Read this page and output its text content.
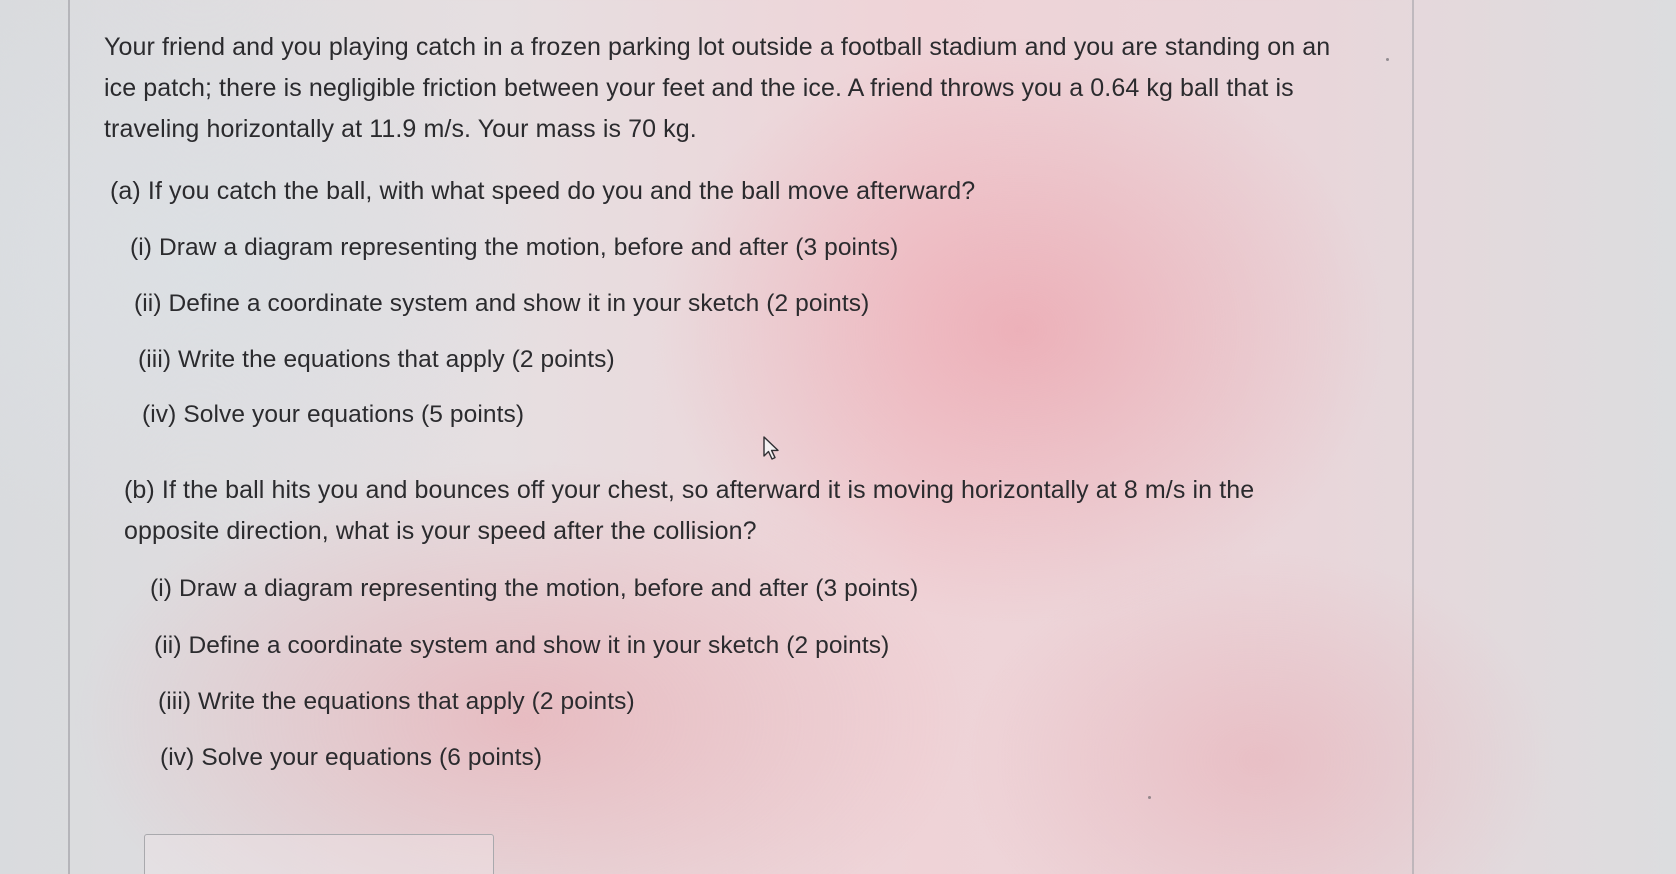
Your friend and you playing catch in a frozen parking lot outside a football stadium and you are standing on an
ice patch; there is negligible friction between your feet and the ice. A friend throws you a 0.64 kg ball that is
traveling horizontally at 11.9 m/s. Your mass is 70 kg.

(a) If you catch the ball, with what speed do you and the ball move afterward?

(i) Draw a diagram representing the motion, before and after (3 points)

(ii) Define a coordinate system and show it in your sketch (2 points)

(iii) Write the equations that apply (2 points)

(iv) Solve your equations (5 points)

(b) If the ball hits you and bounces off your chest, so afterward it is moving horizontally at 8 m/s in the
opposite direction, what is your speed after the collision?

(i) Draw a diagram representing the motion, before and after (3 points)

(ii) Define a coordinate system and show it in your sketch (2 points)

(iii) Write the equations that apply (2 points)

(iv) Solve your equations (6 points)
